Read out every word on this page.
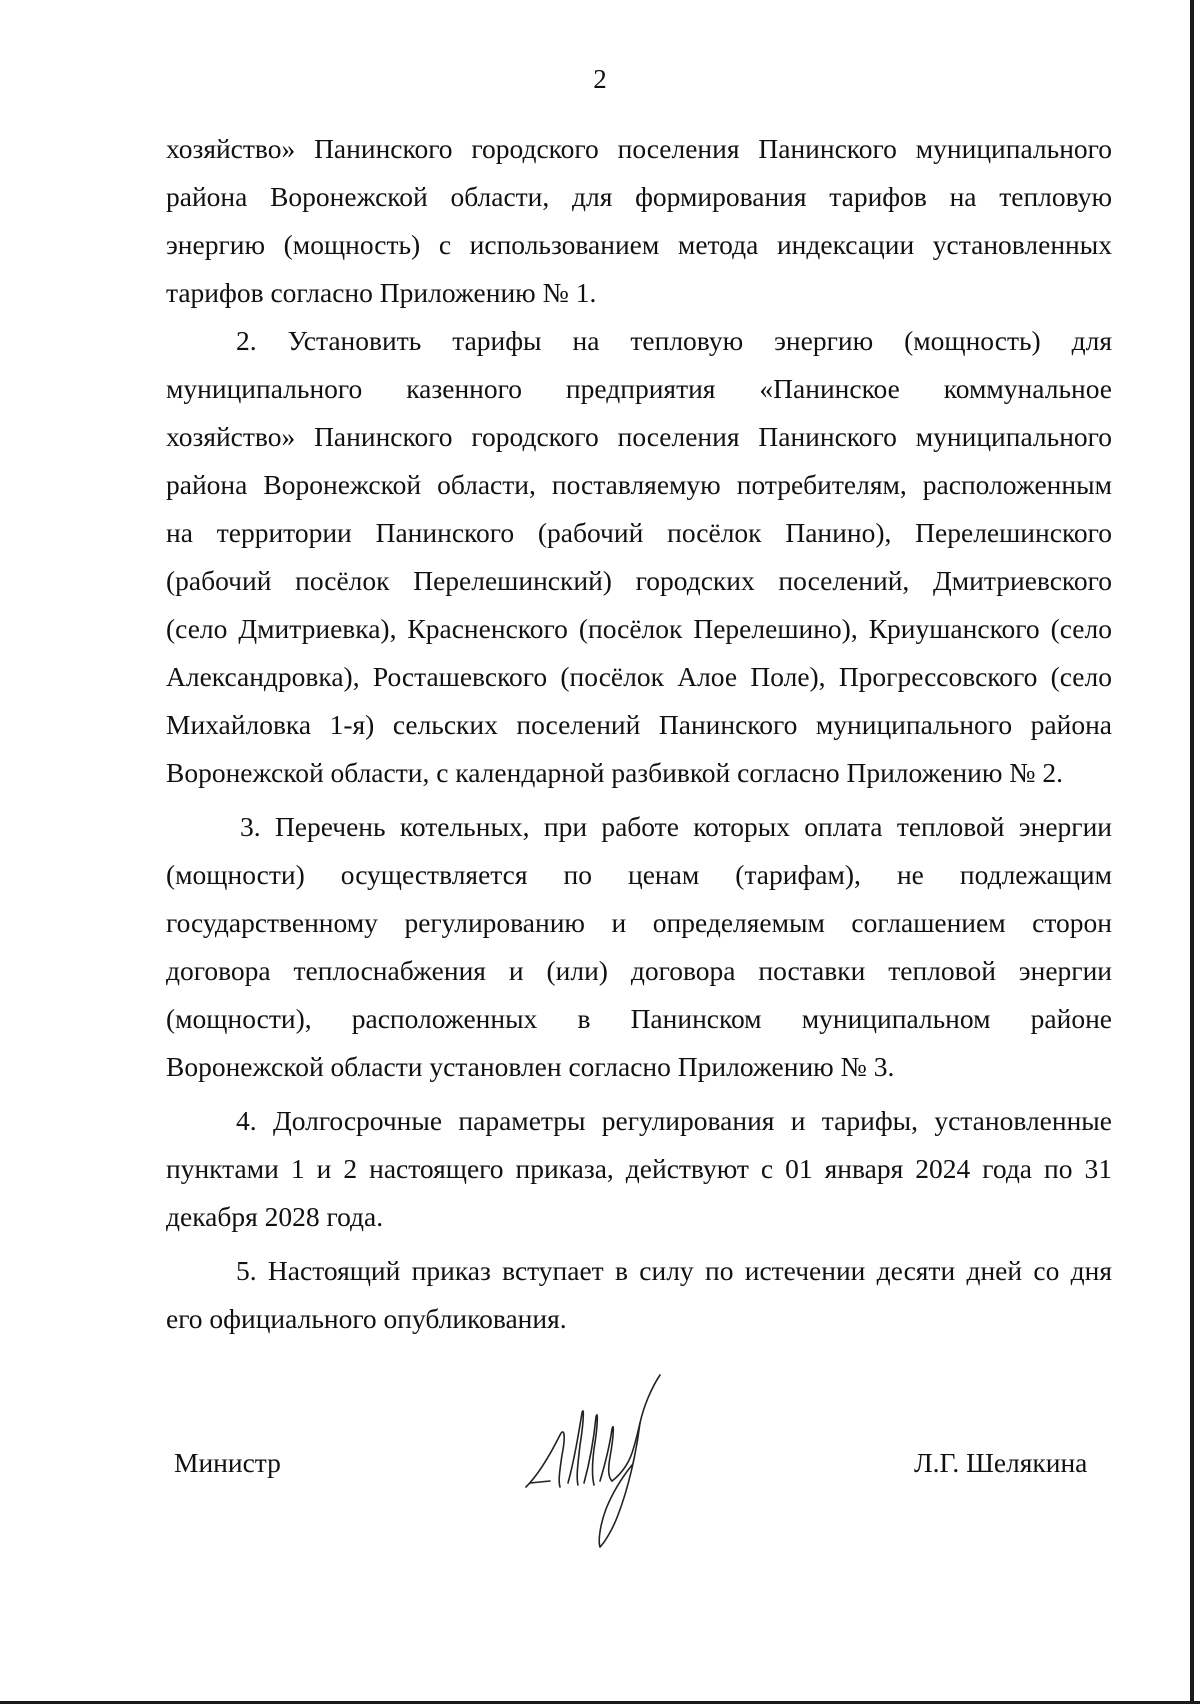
2
хозяйство» Панинского городского поселения Панинского муниципального
района Воронежской области, для формирования тарифов на тепловую
энергию (мощность) с использованием метода индексации установленных
тарифов согласно Приложению № 1.
2. Установить тарифы на тепловую энергию (мощность) для
муниципального казенного предприятия «Панинское коммунальное
хозяйство» Панинского городского поселения Панинского муниципального
района Воронежской области, поставляемую потребителям, расположенным
на территории Панинского (рабочий посёлок Панино), Перелешинского
(рабочий посёлок Перелешинский) городских поселений, Дмитриевского
(село Дмитриевка), Красненского (посёлок Перелешино), Криушанского (село
Александровка), Росташевского (посёлок Алое Поле), Прогрессовского (село
Михайловка 1-я) сельских поселений Панинского муниципального района
Воронежской области, с календарной разбивкой согласно Приложению № 2.
3. Перечень котельных, при работе которых оплата тепловой энергии
(мощности) осуществляется по ценам (тарифам), не подлежащим
государственному регулированию и определяемым соглашением сторон
договора теплоснабжения и (или) договора поставки тепловой энергии
(мощности), расположенных в Панинском муниципальном районе
Воронежской области установлен согласно Приложению № 3.
4. Долгосрочные параметры регулирования и тарифы, установленные
пунктами 1 и 2 настоящего приказа, действуют с 01 января 2024 года по 31
декабря 2028 года.
5. Настоящий приказ вступает в силу по истечении десяти дней со дня
его официального опубликования.
Министр	Л.Г. Шелякина
